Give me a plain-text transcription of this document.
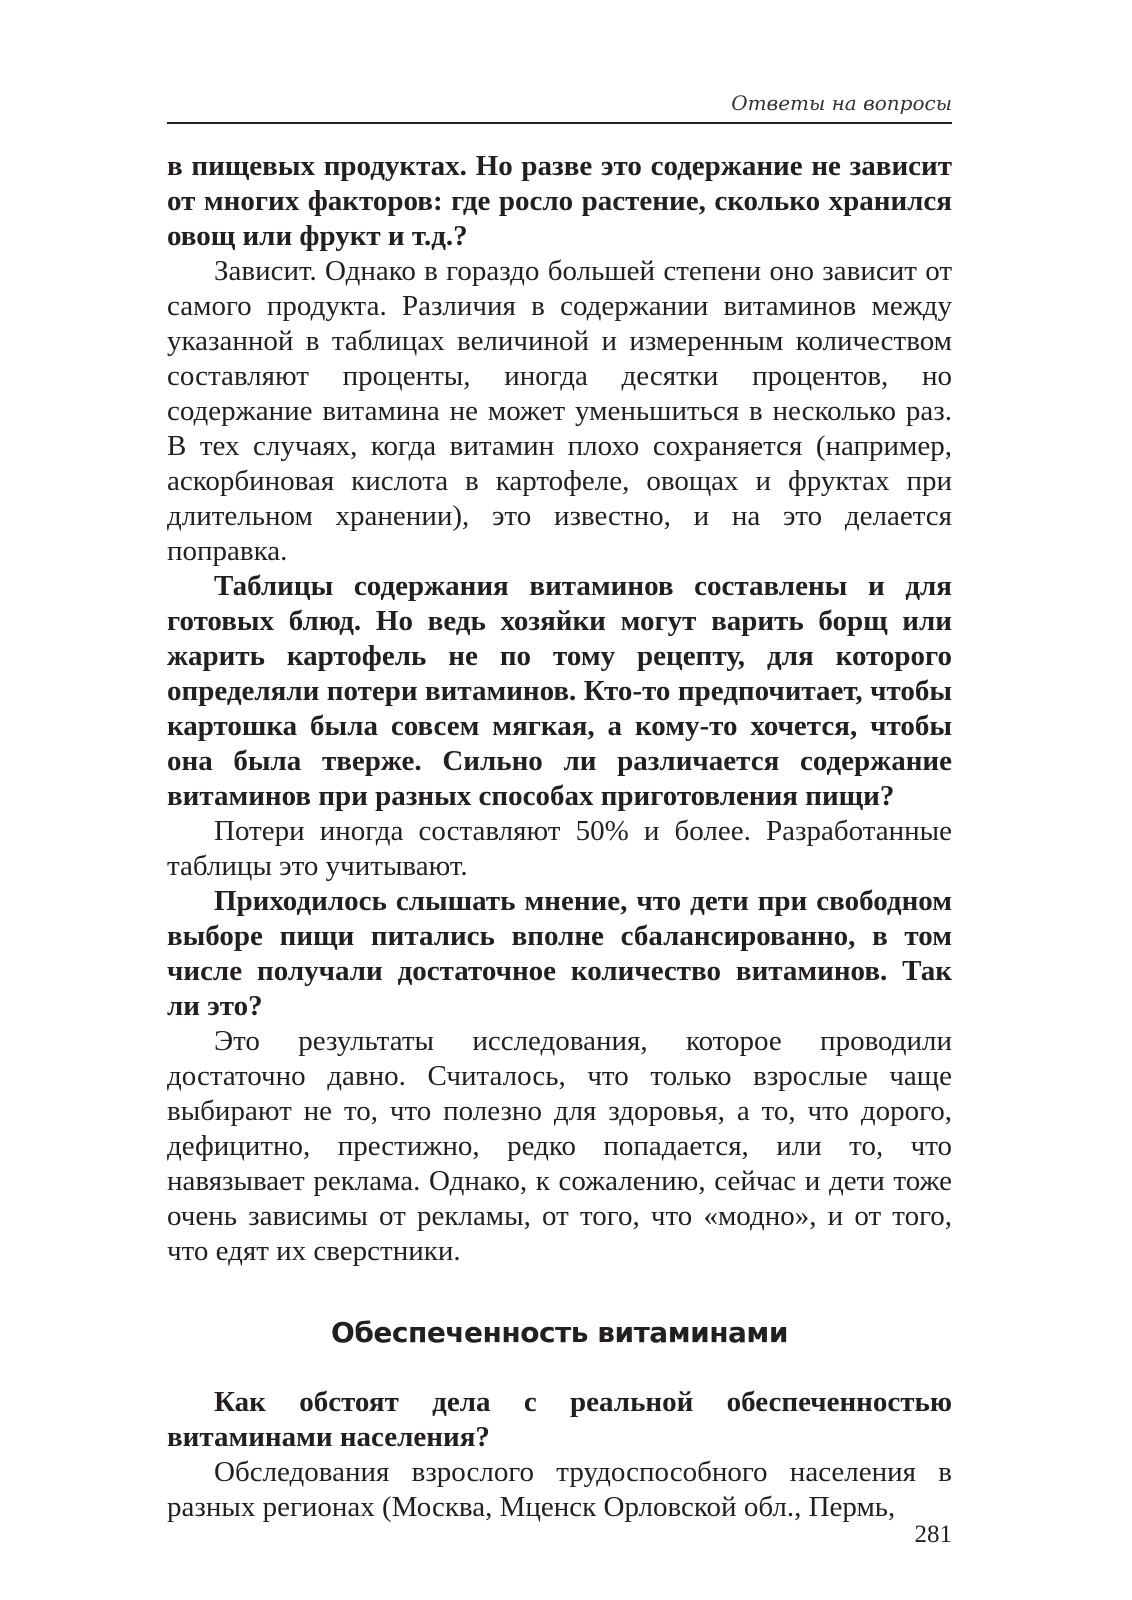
Ответы на вопросы

в пищевых продуктах. Но разве это содержание не зависит от многих факторов: где росло растение, сколько хранился овощ или фрукт и т.д.?

Зависит. Однако в гораздо большей степени оно зависит от самого продукта. Различия в содержании витаминов между указанной в таблицах величиной и измеренным количеством составляют проценты, иногда десятки процентов, но содержание витамина не может уменьшиться в несколько раз. В тех случаях, когда витамин плохо сохраняется (например, аскорбиновая кислота в картофеле, овощах и фруктах при длительном хранении), это известно, и на это делается поправка.

Таблицы содержания витаминов составлены и для готовых блюд. Но ведь хозяйки могут варить борщ или жарить картофель не по тому рецепту, для которого определяли потери витаминов. Кто-то предпочитает, чтобы картошка была совсем мягкая, а кому-то хочется, чтобы она была тверже. Сильно ли различается содержание витаминов при разных способах приготовления пищи?

Потери иногда составляют 50% и более. Разработанные таблицы это учитывают.

Приходилось слышать мнение, что дети при свободном выборе пищи питались вполне сбалансированно, в том числе получали достаточное количество витаминов. Так ли это?

Это результаты исследования, которое проводили достаточно давно. Считалось, что только взрослые чаще выбирают не то, что полезно для здоровья, а то, что дорого, дефицитно, престижно, редко попадается, или то, что навязывает реклама. Однако, к сожалению, сейчас и дети тоже очень зависимы от рекламы, от того, что «модно», и от того, что едят их сверстники.

Обеспеченность витаминами

Как обстоят дела с реальной обеспеченностью витаминами населения?

Обследования взрослого трудоспособного населения в разных регионах (Москва, Мценск Орловской обл., Пермь,

281
